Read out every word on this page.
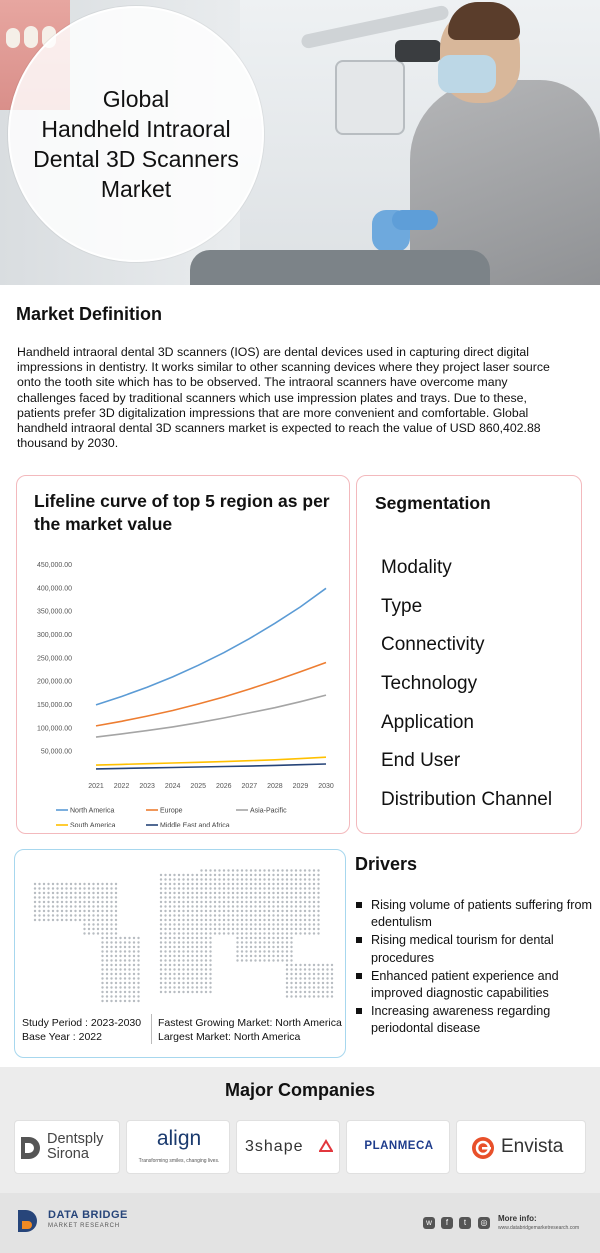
Global
Handheld Intraoral
Dental 3D Scanners
Market
Market Definition
Handheld intraoral dental 3D scanners (IOS) are dental devices used in capturing direct digital impressions in dentistry. It works similar to other scanning devices where they project laser source onto the tooth site which has to be observed. The intraoral scanners have overcome many challenges faced by traditional scanners which use impression plates and trays. Due to these, patients prefer 3D digitalization impressions that are more convenient and comfortable. Global handheld intraoral dental 3D scanners market is expected to reach the value of USD 860,402.88 thousand by 2030.
Lifeline curve of top 5 region as per the market value
50,000.00
100,000.00
150,000.00
200,000.00
250,000.00
300,000.00
350,000.00
400,000.00
450,000.00
2021 2022 2023 2024 2025 2026 2027 2028 2029 2030
North America	Europe	Asia-Pacific
South America	Middle East and Africa
Segmentation
Modality
Type
Connectivity
Technology
Application
End User
Distribution Channel
Study Period : 2023-2030
Base Year : 2022
Fastest Growing Market: North America
Largest Market: North America
Drivers
Rising volume of patients suffering from edentulism
Rising medical tourism for dental procedures
Enhanced patient experience and improved diagnostic capabilities
Increasing awareness regarding periodontal disease
Major Companies
Dentsply
Sirona
align
Transforming smiles, changing lives.
3shape	PLANMECA	Envista
DATA BRIDGE
MARKET RESEARCH	w	f	t	◎	More info:
www.databridgemarketresearch.com
